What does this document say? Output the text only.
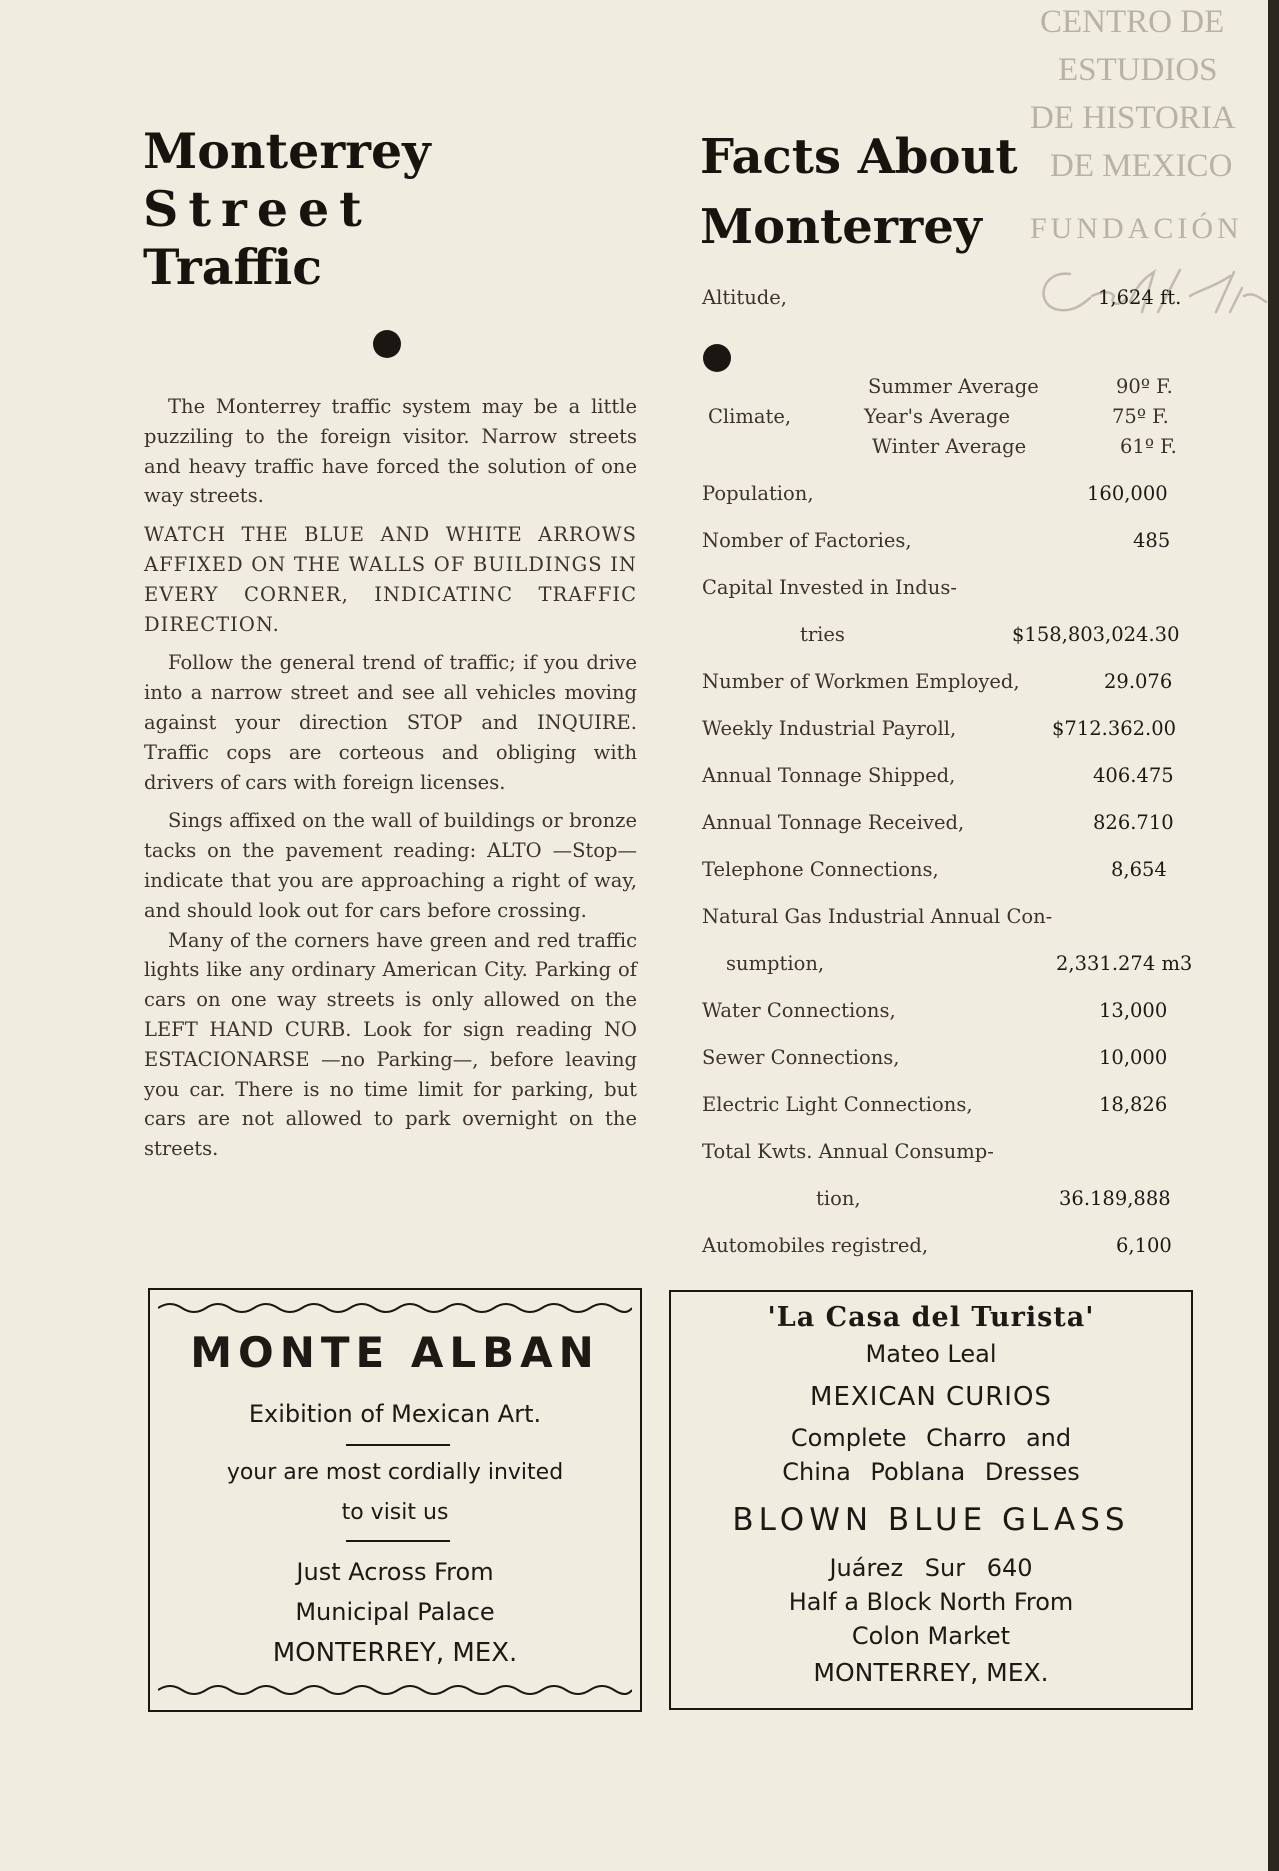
CENTRO DE
ESTUDIOS
DE HISTORIA
DE MEXICO
FUNDACIÓN
Monterrey
Street
Traffic

The Monterrey traffic system may be a little puzziling to the foreign visitor. Narrow streets and heavy traffic have forced the solution of one way streets.

WATCH THE BLUE AND WHITE ARROWS AFFIXED ON THE WALLS OF BUILDINGS IN EVERY CORNER, INDICATINC TRAFFIC DIRECTION.

Follow the general trend of traffic; if you drive into a narrow street and see all vehicles moving against your direction STOP and INQUIRE. Traffic cops are corteous and obliging with drivers of cars with foreign licenses.

Sings affixed on the wall of buildings or bronze tacks on the pavement reading: ALTO —Stop—indicate that you are approaching a right of way, and should look out for cars before crossing.

Many of the corners have green and red traffic lights like any ordinary American City. Parking of cars on one way streets is only allowed on the LEFT HAND CURB. Look for sign reading NO ESTACIONARSE —no Parking—, before leaving you car. There is no time limit for parking, but cars are not allowed to park overnight on the streets.

Facts About
Monterrey
Altitude,	1,624 ft.
Climate,
Summer Average	90º F.
Year's Average	75º F.
Winter Average	61º F.
Population,	160,000
Nomber of Factories,	485
Capital Invested in Indus-
tries	$158,803,024.30
Number of Workmen Employed,	29.076
Weekly Industrial Payroll,	$712.362.00
Annual Tonnage Shipped,	406.475
Annual Tonnage Received,	826.710
Telephone Connections,	8,654
Natural Gas Industrial Annual Con-
sumption,	2,331.274 m3
Water Connections,	13,000
Sewer Connections,	10,000
Electric Light Connections,	18,826
Total Kwts. Annual Consump-
tion,	36.189,888
Automobiles registred,	6,100
MONTE ALBAN
Exibition of Mexican Art.
your are most cordially invited
to visit us
Just Across From
Municipal Palace
MONTERREY, MEX.
'La Casa del Turista'
Mateo Leal
MEXICAN CURIOS
Complete Charro and
China Poblana Dresses
BLOWN BLUE GLASS
Juárez Sur 640
Half a Block North From
Colon Market
MONTERREY, MEX.
